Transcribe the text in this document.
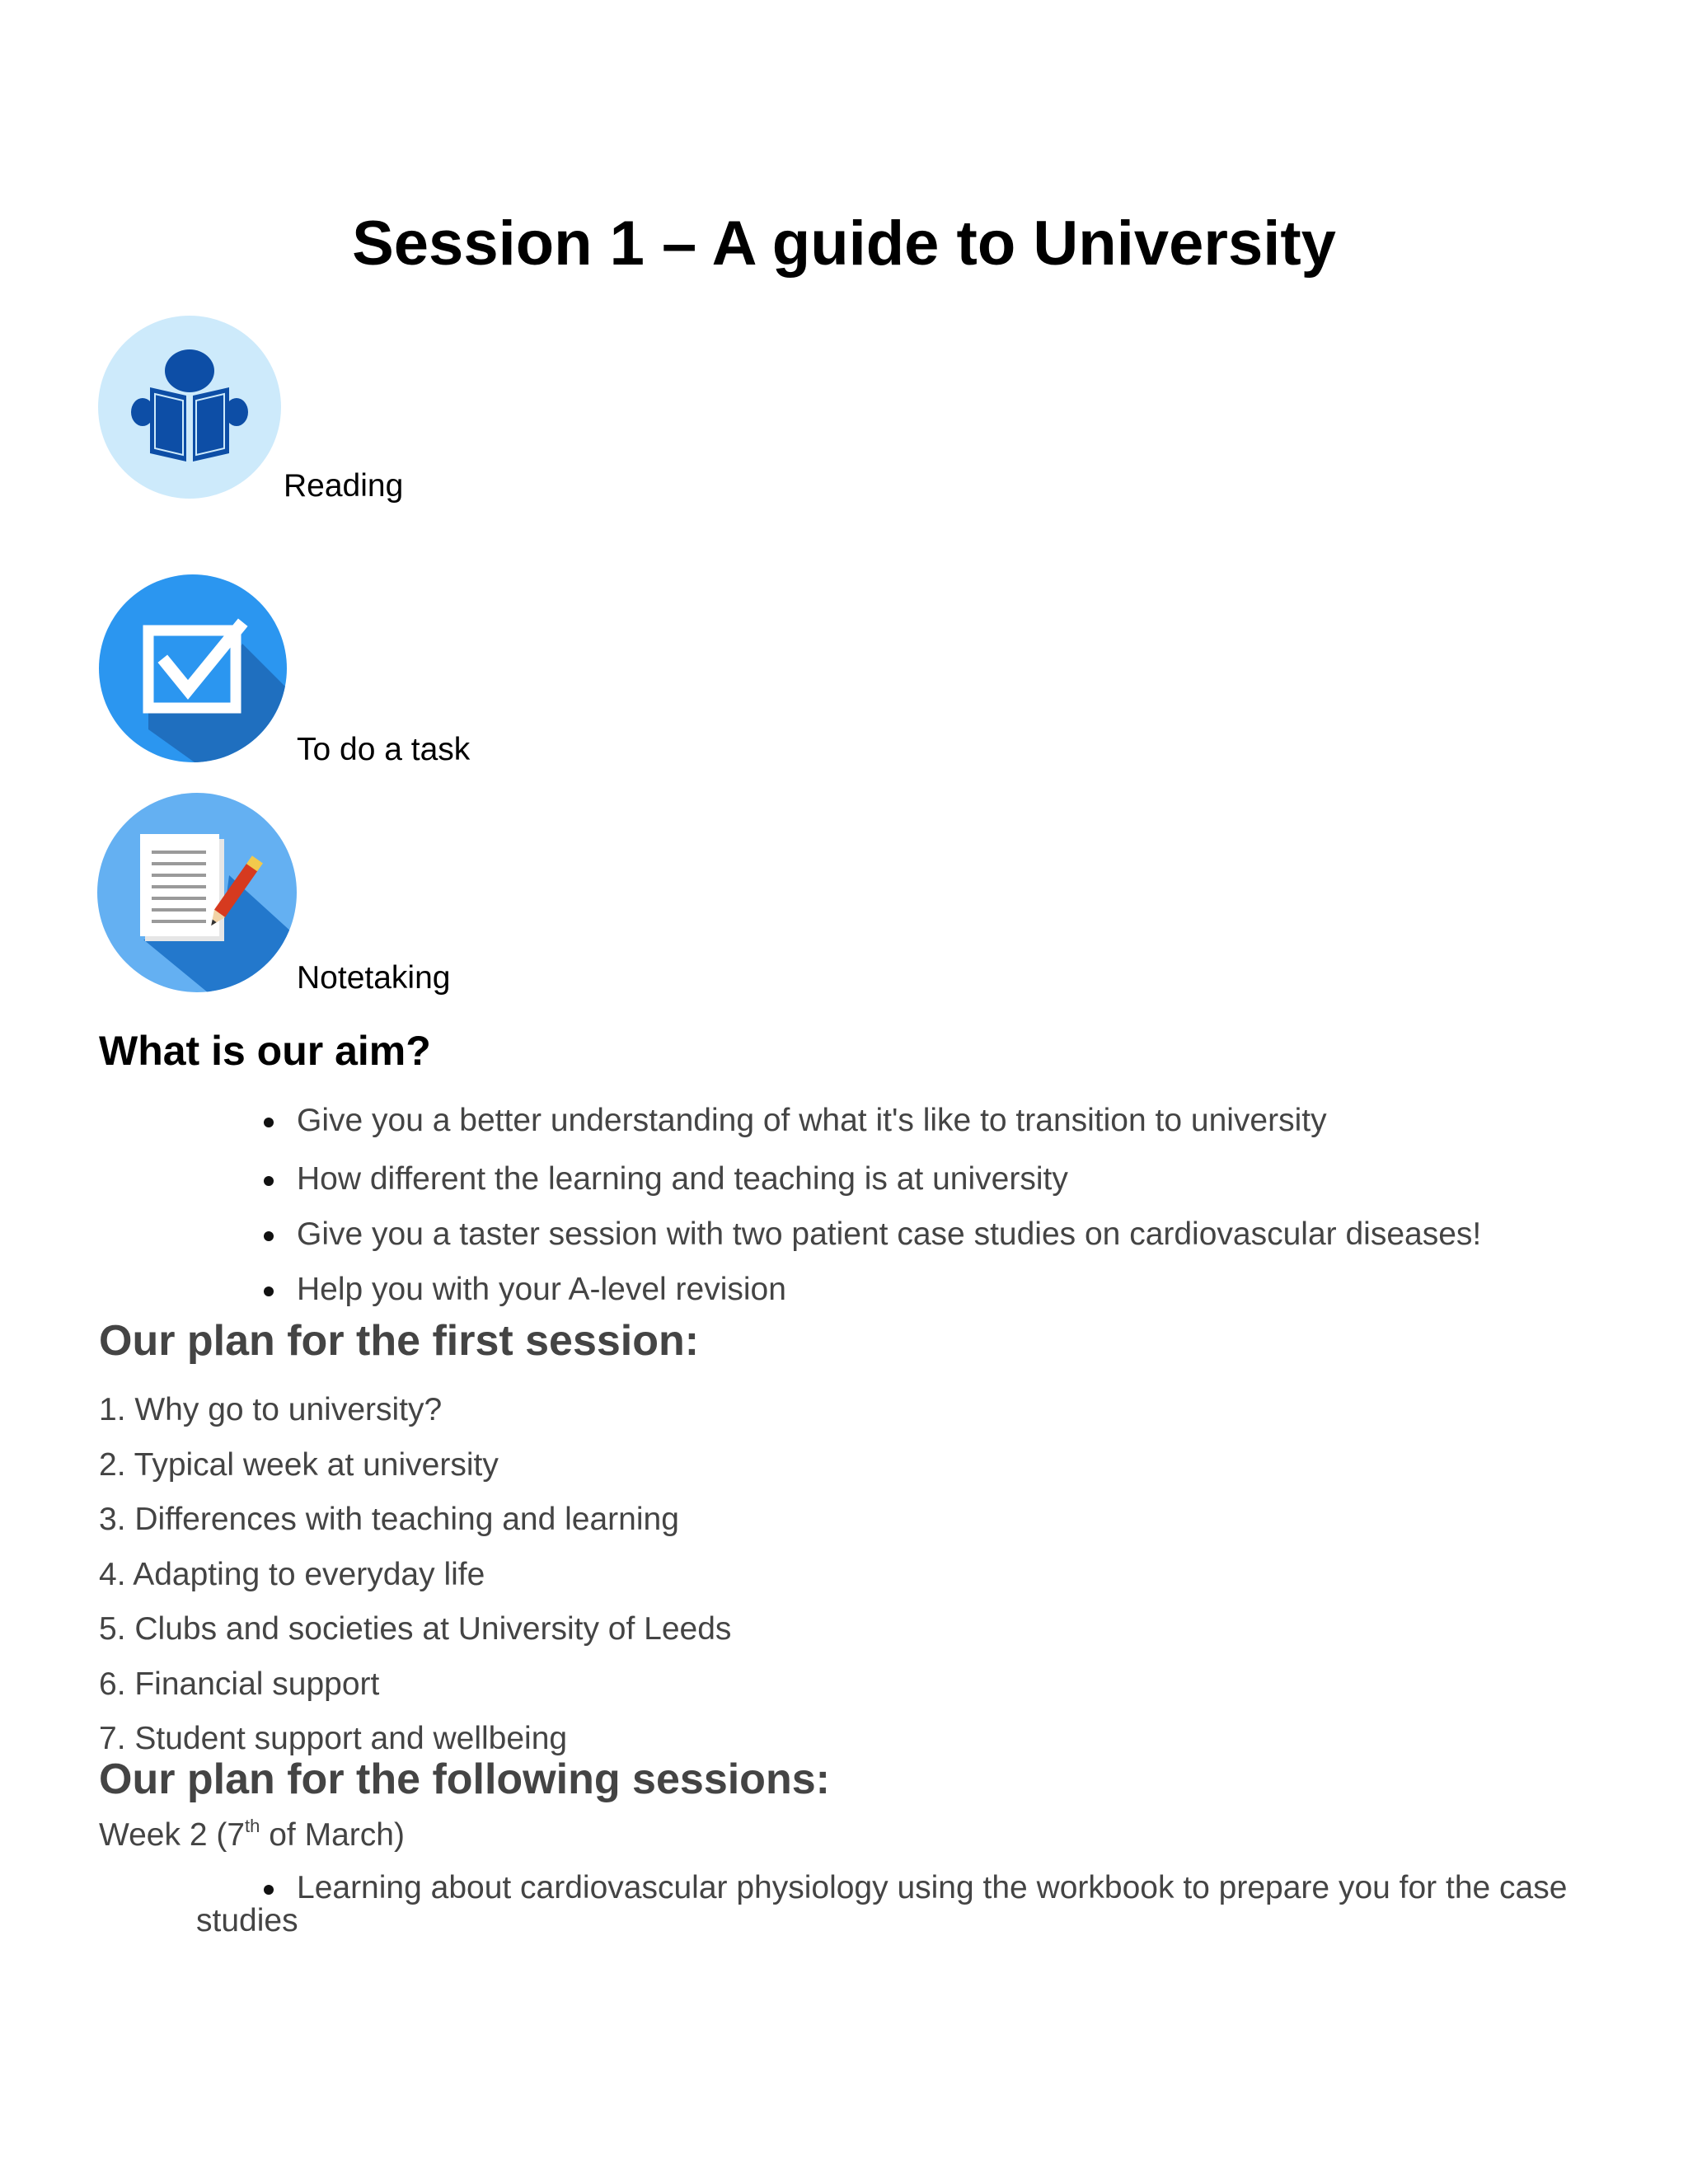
Session 1 – A guide to University
Reading
To do a task
Notetaking
What is our aim?
Give you a better understanding of what it's like to transition to university
How different the learning and teaching is at university
Give you a taster session with two patient case studies on cardiovascular diseases!
Help you with your A-level revision
Our plan for the first session:
1. Why go to university?
2. Typical week at university
3. Differences with teaching and learning
4. Adapting to everyday life
5. Clubs and societies at University of Leeds
6. Financial support
7. Student support and wellbeing
Our plan for the following sessions:
Week 2 (7th of March)
Learning about cardiovascular physiology using the workbook to prepare you for the case
studies
